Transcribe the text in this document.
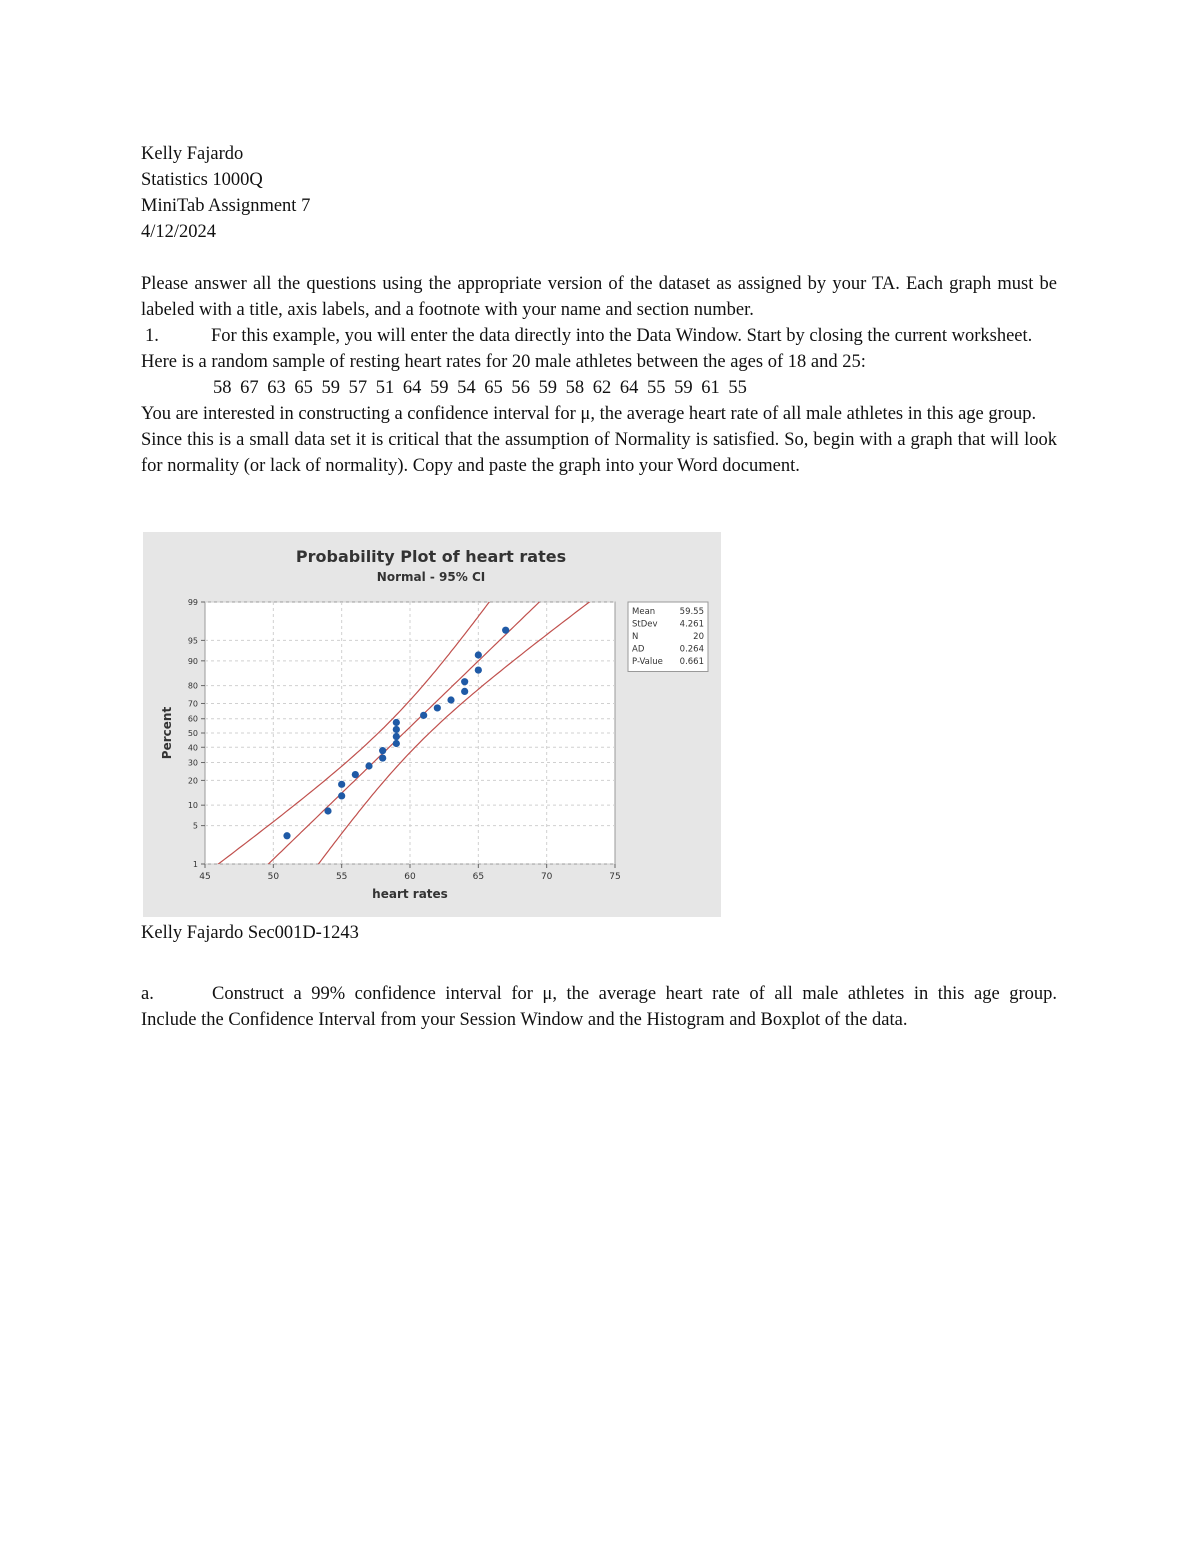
Kelly Fajardo
Statistics 1000Q
MiniTab Assignment 7
4/12/2024
Please answer all the questions using the appropriate version of the dataset as assigned by your TA. Each graph must be labeled with a title, axis labels, and a footnote with your name and section number.
1.	For this example, you will enter the data directly into the Data Window. Start by closing the current worksheet.
Here is a random sample of resting heart rates for 20 male athletes between the ages of 18 and 25:
58 67 63 65 59 57 51 64 59 54 65 56 59 58 62 64 55 59 61 55
You are interested in constructing a confidence interval for μ, the average heart rate of all male athletes in this age group.
Since this is a small data set it is critical that the assumption of Normality is satisfied. So, begin with a graph that will look for normality (or lack of normality). Copy and paste the graph into your Word document.
Probability Plot of heart rates
Normal - 95% CI
45	50	55	60	65	70	75
1
5
10
20
30
40
50
60
70
80
90
95
99
heart rates
Percent
Mean	59.55
StDev	4.261
N	20
AD	0.264
P-Value 0.661
Kelly Fajardo Sec001D-1243
a.	Construct a 99% confidence interval for μ, the average heart rate of all male athletes in this age group.
Include the Confidence Interval from your Session Window and the Histogram and Boxplot of the data.
